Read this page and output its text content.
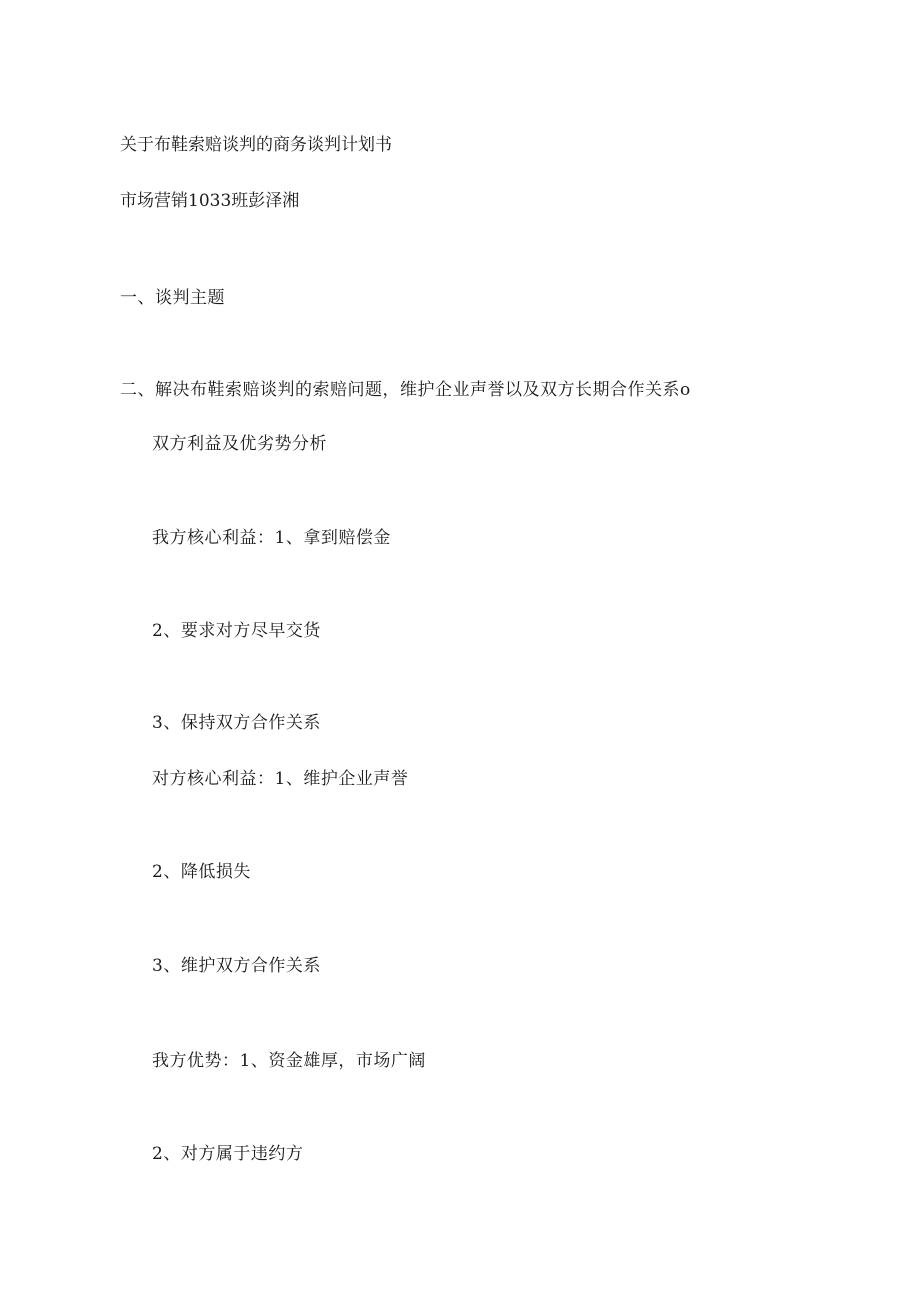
关于布鞋索赔谈判的商务谈判计划书
市场营销1033班彭泽湘
一、谈判主题
二、解决布鞋索赔谈判的索赔问题，维护企业声誉以及双方长期合作关系o
双方利益及优劣势分析
我方核心利益：1、拿到赔偿金
2、要求对方尽早交货
3、保持双方合作关系
对方核心利益：1、维护企业声誉
2、降低损失
3、维护双方合作关系
我方优势：1、资金雄厚，市场广阔
2、对方属于违约方
